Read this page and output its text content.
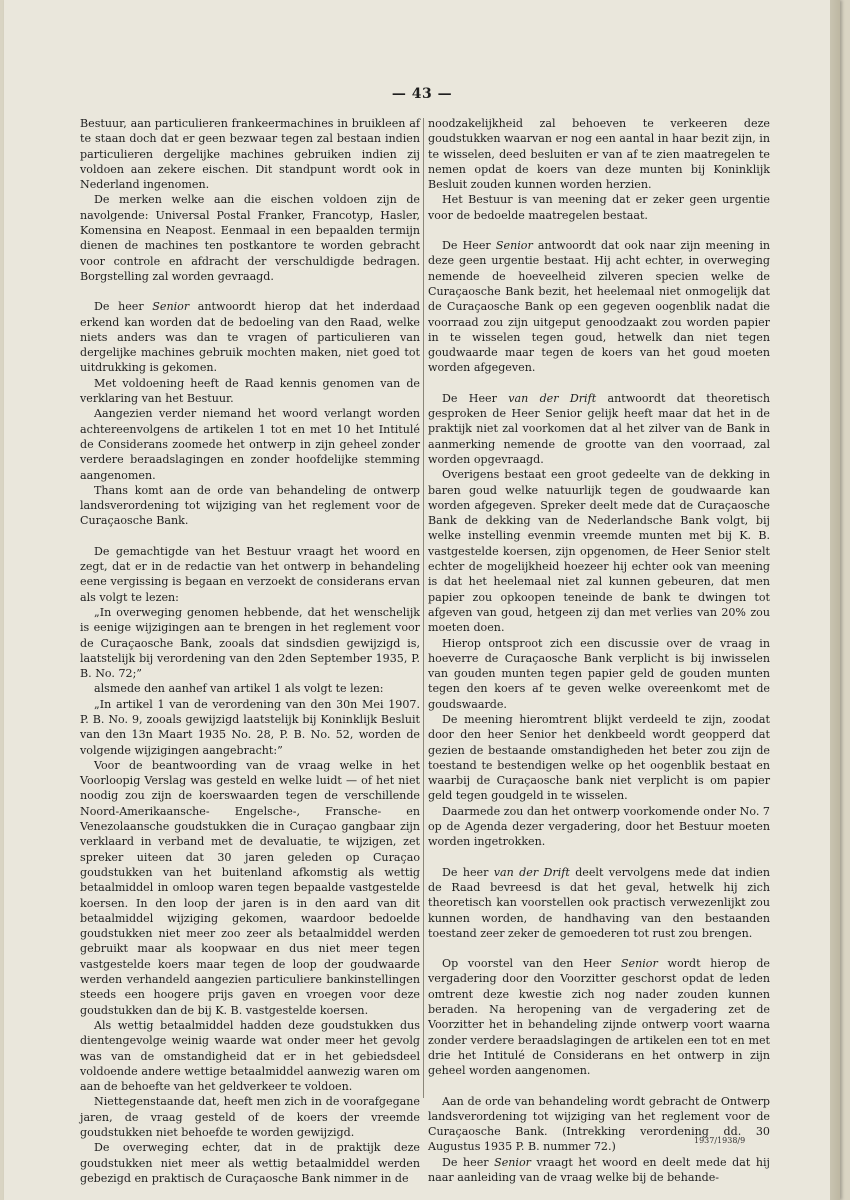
— 43 —

Bestuur, aan particulieren frankeermachines in bruikleen af te staan doch dat er geen bezwaar tegen zal bestaan indien particulieren dergelijke machines gebruiken indien zij voldoen aan zekere eischen. Dit standpunt wordt ook in Nederland ingenomen.

De merken welke aan die eischen voldoen zijn de navolgende: Universal Postal Franker, Francotyp, Hasler, Komensina en Neapost. Eenmaal in een bepaalden termijn dienen de machines ten postkantore te worden gebracht voor controle en afdracht der verschuldigde bedragen. Borgstelling zal worden gevraagd.

De heer Senior antwoordt hierop dat het inderdaad erkend kan worden dat de bedoeling van den Raad, welke niets anders was dan te vragen of particulieren van dergelijke machines gebruik mochten maken, niet goed tot uitdrukking is gekomen.

Met voldoening heeft de Raad kennis genomen van de verklaring van het Bestuur.

Aangezien verder niemand het woord verlangt worden achtereenvolgens de artikelen 1 tot en met 10 het Intitulé de Considerans zoomede het ontwerp in zijn geheel zonder verdere beraadslagingen en zonder hoofdelijke stemming aangenomen.

Thans komt aan de orde van behandeling de ontwerp landsverordening tot wijziging van het reglement voor de Curaçaosche Bank.

De gemachtigde van het Bestuur vraagt het woord en zegt, dat er in de redactie van het ontwerp in behandeling eene vergissing is begaan en verzoekt de considerans ervan als volgt te lezen:

„In overweging genomen hebbende, dat het wenschelijk is eenige wijzigingen aan te brengen in het reglement voor de Curaçaosche Bank, zooals dat sindsdien gewijzigd is, laatstelijk bij verordening van den 2den September 1935, P. B. No. 72;”

alsmede den aanhef van artikel 1 als volgt te lezen:

„In artikel 1 van de verordening van den 30n Mei 1907. P. B. No. 9, zooals gewijzigd laatstelijk bij Koninklijk Besluit van den 13n Maart 1935 No. 28, P. B. No. 52, worden de volgende wijzigingen aangebracht:”

Voor de beantwoording van de vraag welke in het Voorloopig Verslag was gesteld en welke luidt — of het niet noodig zou zijn de koerswaarden tegen de verschillende Noord-Amerikaansche- Engelsche-, Fransche- en Venezolaansche goudstukken die in Curaçao gangbaar zijn verklaard in verband met de devaluatie, te wijzigen, zet spreker uiteen dat 30 jaren geleden op Curaçao goudstukken van het buitenland afkomstig als wettig betaalmiddel in omloop waren tegen bepaalde vastgestelde koersen. In den loop der jaren is in den aard van dit betaalmiddel wijziging gekomen, waardoor bedoelde goudstukken niet meer zoo zeer als betaalmiddel werden gebruikt maar als koopwaar en dus niet meer tegen vastgestelde koers maar tegen de loop der goudwaarde werden verhandeld aangezien particuliere bankinstellingen steeds een hoogere prijs gaven en vroegen voor deze goudstukken dan de bij K. B. vastgestelde koersen.

Als wettig betaalmiddel hadden deze goudstukken dus dientengevolge weinig waarde wat onder meer het gevolg was van de omstandigheid dat er in het gebiedsdeel voldoende andere wettige betaalmiddel aanwezig waren om aan de behoefte van het geldverkeer te voldoen.

Niettegenstaande dat, heeft men zich in de voorafgegane jaren, de vraag gesteld of de koers der vreemde goudstukken niet behoefde te worden gewijzigd.

De overweging echter, dat in de praktijk deze goudstukken niet meer als wettig betaalmiddel werden gebezigd en praktisch de Curaçaosche Bank nimmer in de

noodzakelijkheid zal behoeven te verkeeren deze goudstukken waarvan er nog een aantal in haar bezit zijn, in te wisselen, deed besluiten er van af te zien maatregelen te nemen opdat de koers van deze munten bij Koninklijk Besluit zouden kunnen worden herzien.

Het Bestuur is van meening dat er zeker geen urgentie voor de bedoelde maatregelen bestaat.

De Heer Senior antwoordt dat ook naar zijn meening in deze geen urgentie bestaat. Hij acht echter, in overweging nemende de hoeveelheid zilveren specien welke de Curaçaosche Bank bezit, het heelemaal niet onmogelijk dat de Curaçaosche Bank op een gegeven oogenblik nadat die voorraad zou zijn uitgeput genoodzaakt zou worden papier in te wisselen tegen goud, hetwelk dan niet tegen goudwaarde maar tegen de koers van het goud moeten worden afgegeven.

De Heer van der Drift antwoordt dat theoretisch gesproken de Heer Senior gelijk heeft maar dat het in de praktijk niet zal voorkomen dat al het zilver van de Bank in aanmerking nemende de grootte van den voorraad, zal worden opgevraagd.

Overigens bestaat een groot gedeelte van de dekking in baren goud welke natuurlijk tegen de goudwaarde kan worden afgegeven. Spreker deelt mede dat de Curaçaosche Bank de dekking van de Nederlandsche Bank volgt, bij welke instelling evenmin vreemde munten met bij K. B. vastgestelde koersen, zijn opgenomen, de Heer Senior stelt echter de mogelijkheid hoezeer hij echter ook van meening is dat het heelemaal niet zal kunnen gebeuren, dat men papier zou opkoopen teneinde de bank te dwingen tot afgeven van goud, hetgeen zij dan met verlies van 20% zou moeten doen.

Hierop ontsproot zich een discussie over de vraag in hoeverre de Curaçaosche Bank verplicht is bij inwisselen van gouden munten tegen papier geld de gouden munten tegen den koers af te geven welke overeenkomt met de goudswaarde.

De meening hieromtrent blijkt verdeeld te zijn, zoodat door den heer Senior het denkbeeld wordt geopperd dat gezien de bestaande omstandigheden het beter zou zijn de toestand te bestendigen welke op het oogenblik bestaat en waarbij de Curaçaosche bank niet verplicht is om papier geld tegen goudgeld in te wisselen.

Daarmede zou dan het ontwerp voorkomende onder No. 7 op de Agenda dezer vergadering, door het Bestuur moeten worden ingetrokken.

De heer van der Drift deelt vervolgens mede dat indien de Raad bevreesd is dat het geval, hetwelk hij zich theoretisch kan voorstellen ook practisch verwezenlijkt zou kunnen worden, de handhaving van den bestaanden toestand zeer zeker de gemoederen tot rust zou brengen.

Op voorstel van den Heer Senior wordt hierop de vergadering door den Voorzitter geschorst opdat de leden omtrent deze kwestie zich nog nader zouden kunnen beraden. Na heropening van de vergadering zet de Voorzitter het in behandeling zijnde ontwerp voort waarna zonder verdere beraadslagingen de artikelen een tot en met drie het Intitulé de Considerans en het ontwerp in zijn geheel worden aangenomen.

Aan de orde van behandeling wordt gebracht de Ontwerp landsverordening tot wijziging van het reglement voor de Curaçaosche Bank. (Intrekking verordening dd. 30 Augustus 1935 P. B. nummer 72.)

De heer Senior vraagt het woord en deelt mede dat hij naar aanleiding van de vraag welke bij de behande-

1937/1938/9
